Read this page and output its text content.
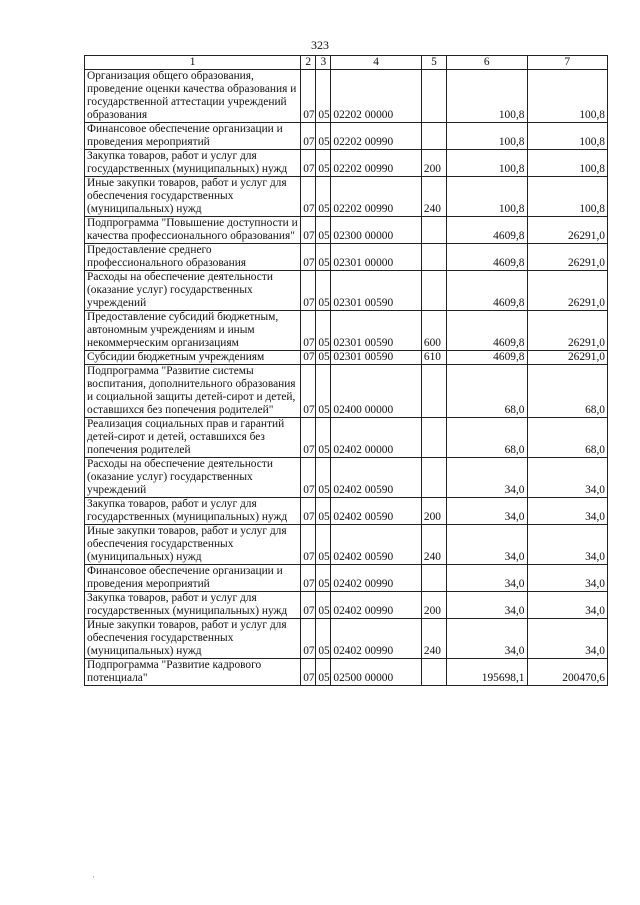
323
1	2	3	4	5	6	7
Организация общего образования, проведение оценки качества образования и государственной аттестации учреждений образования	07	05	02202 00000		100,8	100,8
Финансовое обеспечение организации и проведения мероприятий	07	05	02202 00990		100,8	100,8
Закупка товаров, работ и услуг для государственных (муниципальных) нужд	07	05	02202 00990	200	100,8	100,8
Иные закупки товаров, работ и услуг для обеспечения государственных (муниципальных) нужд	07	05	02202 00990	240	100,8	100,8
Подпрограмма "Повышение доступности и качества профессионального образования"	07	05	02300 00000		4609,8	26291,0
Предоставление среднего профессионального образования	07	05	02301 00000		4609,8	26291,0
Расходы на обеспечение деятельности (оказание услуг) государственных учреждений	07	05	02301 00590		4609,8	26291,0
Предоставление субсидий бюджетным, автономным учреждениям и иным некоммерческим организациям	07	05	02301 00590	600	4609,8	26291,0
Субсидии бюджетным учреждениям	07	05	02301 00590	610	4609,8	26291,0
Подпрограмма "Развитие системы воспитания, дополнительного образования и социальной защиты детей-сирот и детей, оставшихся без попечения родителей"	07	05	02400 00000		68,0	68,0
Реализация социальных прав и гарантий детей-сирот и детей, оставшихся без попечения родителей	07	05	02402 00000		68,0	68,0
Расходы на обеспечение деятельности (оказание услуг) государственных учреждений	07	05	02402 00590		34,0	34,0
Закупка товаров, работ и услуг для государственных (муниципальных) нужд	07	05	02402 00590	200	34,0	34,0
Иные закупки товаров, работ и услуг для обеспечения государственных (муниципальных) нужд	07	05	02402 00590	240	34,0	34,0
Финансовое обеспечение организации и проведения мероприятий	07	05	02402 00990		34,0	34,0
Закупка товаров, работ и услуг для государственных (муниципальных) нужд	07	05	02402 00990	200	34,0	34,0
Иные закупки товаров, работ и услуг для обеспечения государственных (муниципальных) нужд	07	05	02402 00990	240	34,0	34,0
Подпрограмма "Развитие кадрового потенциала"	07	05	02500 00000		195698,1	200470,6
·
